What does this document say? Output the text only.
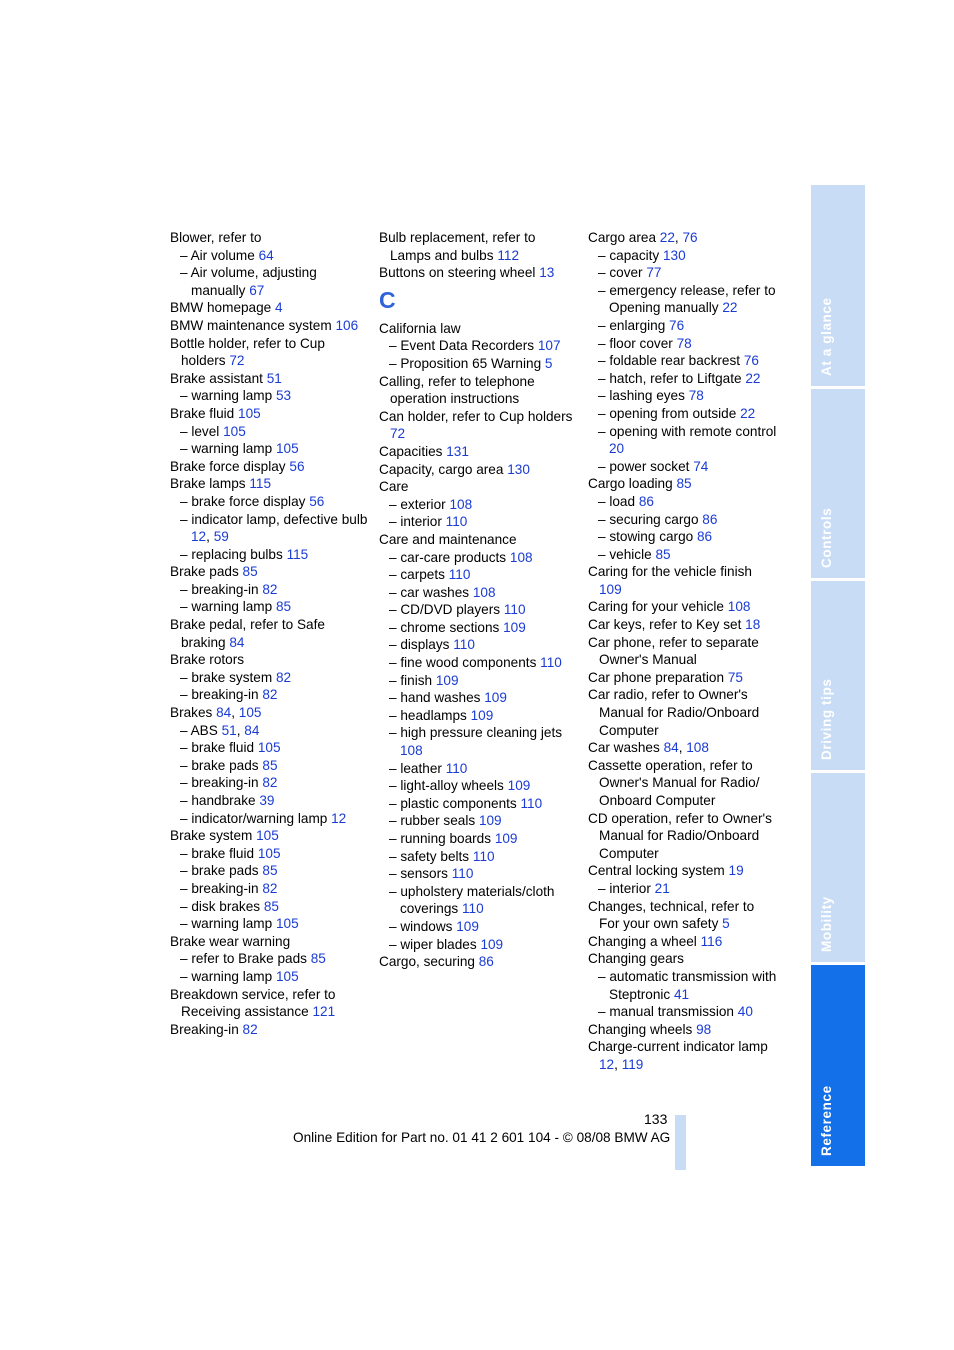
Blower, refer to
– Air volume 64
– Air volume, adjusting manually 67
BMW homepage 4
BMW maintenance system 106
Bottle holder, refer to Cup holders 72
Brake assistant 51
– warning lamp 53
Brake fluid 105
– level 105
– warning lamp 105
Brake force display 56
Brake lamps 115
– brake force display 56
– indicator lamp, defective bulb 12, 59
– replacing bulbs 115
Brake pads 85
– breaking-in 82
– warning lamp 85
Brake pedal, refer to Safe braking 84
Brake rotors
– brake system 82
– breaking-in 82
Brakes 84, 105
– ABS 51, 84
– brake fluid 105
– brake pads 85
– breaking-in 82
– handbrake 39
– indicator/warning lamp 12
Brake system 105
– brake fluid 105
– brake pads 85
– breaking-in 82
– disk brakes 85
– warning lamp 105
Brake wear warning
– refer to Brake pads 85
– warning lamp 105
Breakdown service, refer to Receiving assistance 121
Breaking-in 82
Bulb replacement, refer to Lamps and bulbs 112
Buttons on steering wheel 13
C
California law
– Event Data Recorders 107
– Proposition 65 Warning 5
Calling, refer to telephone operation instructions
Can holder, refer to Cup holders 72
Capacities 131
Capacity, cargo area 130
Care
– exterior 108
– interior 110
Care and maintenance
– car-care products 108
– carpets 110
– car washes 108
– CD/DVD players 110
– chrome sections 109
– displays 110
– fine wood components 110
– finish 109
– hand washes 109
– headlamps 109
– high pressure cleaning jets 108
– leather 110
– light-alloy wheels 109
– plastic components 110
– rubber seals 109
– running boards 109
– safety belts 110
– sensors 110
– upholstery materials/cloth coverings 110
– windows 109
– wiper blades 109
Cargo, securing 86
Cargo area 22, 76
– capacity 130
– cover 77
– emergency release, refer to Opening manually 22
– enlarging 76
– floor cover 78
– foldable rear backrest 76
– hatch, refer to Liftgate 22
– lashing eyes 78
– opening from outside 22
– opening with remote control 20
– power socket 74
Cargo loading 85
– load 86
– securing cargo 86
– stowing cargo 86
– vehicle 85
Caring for the vehicle finish 109
Caring for your vehicle 108
Car keys, refer to Key set 18
Car phone, refer to separate Owner's Manual
Car phone preparation 75
Car radio, refer to Owner's Manual for Radio/Onboard Computer
Car washes 84, 108
Cassette operation, refer to Owner's Manual for Radio/ Onboard Computer
CD operation, refer to Owner's Manual for Radio/Onboard Computer
Central locking system 19
– interior 21
Changes, technical, refer to For your own safety 5
Changing a wheel 116
Changing gears
– automatic transmission with Steptronic 41
– manual transmission 40
Changing wheels 98
Charge-current indicator lamp 12, 119
At a glance
Controls
Driving tips
Mobility
Reference
133
Online Edition for Part no. 01 41 2 601 104 - © 08/08 BMW AG
